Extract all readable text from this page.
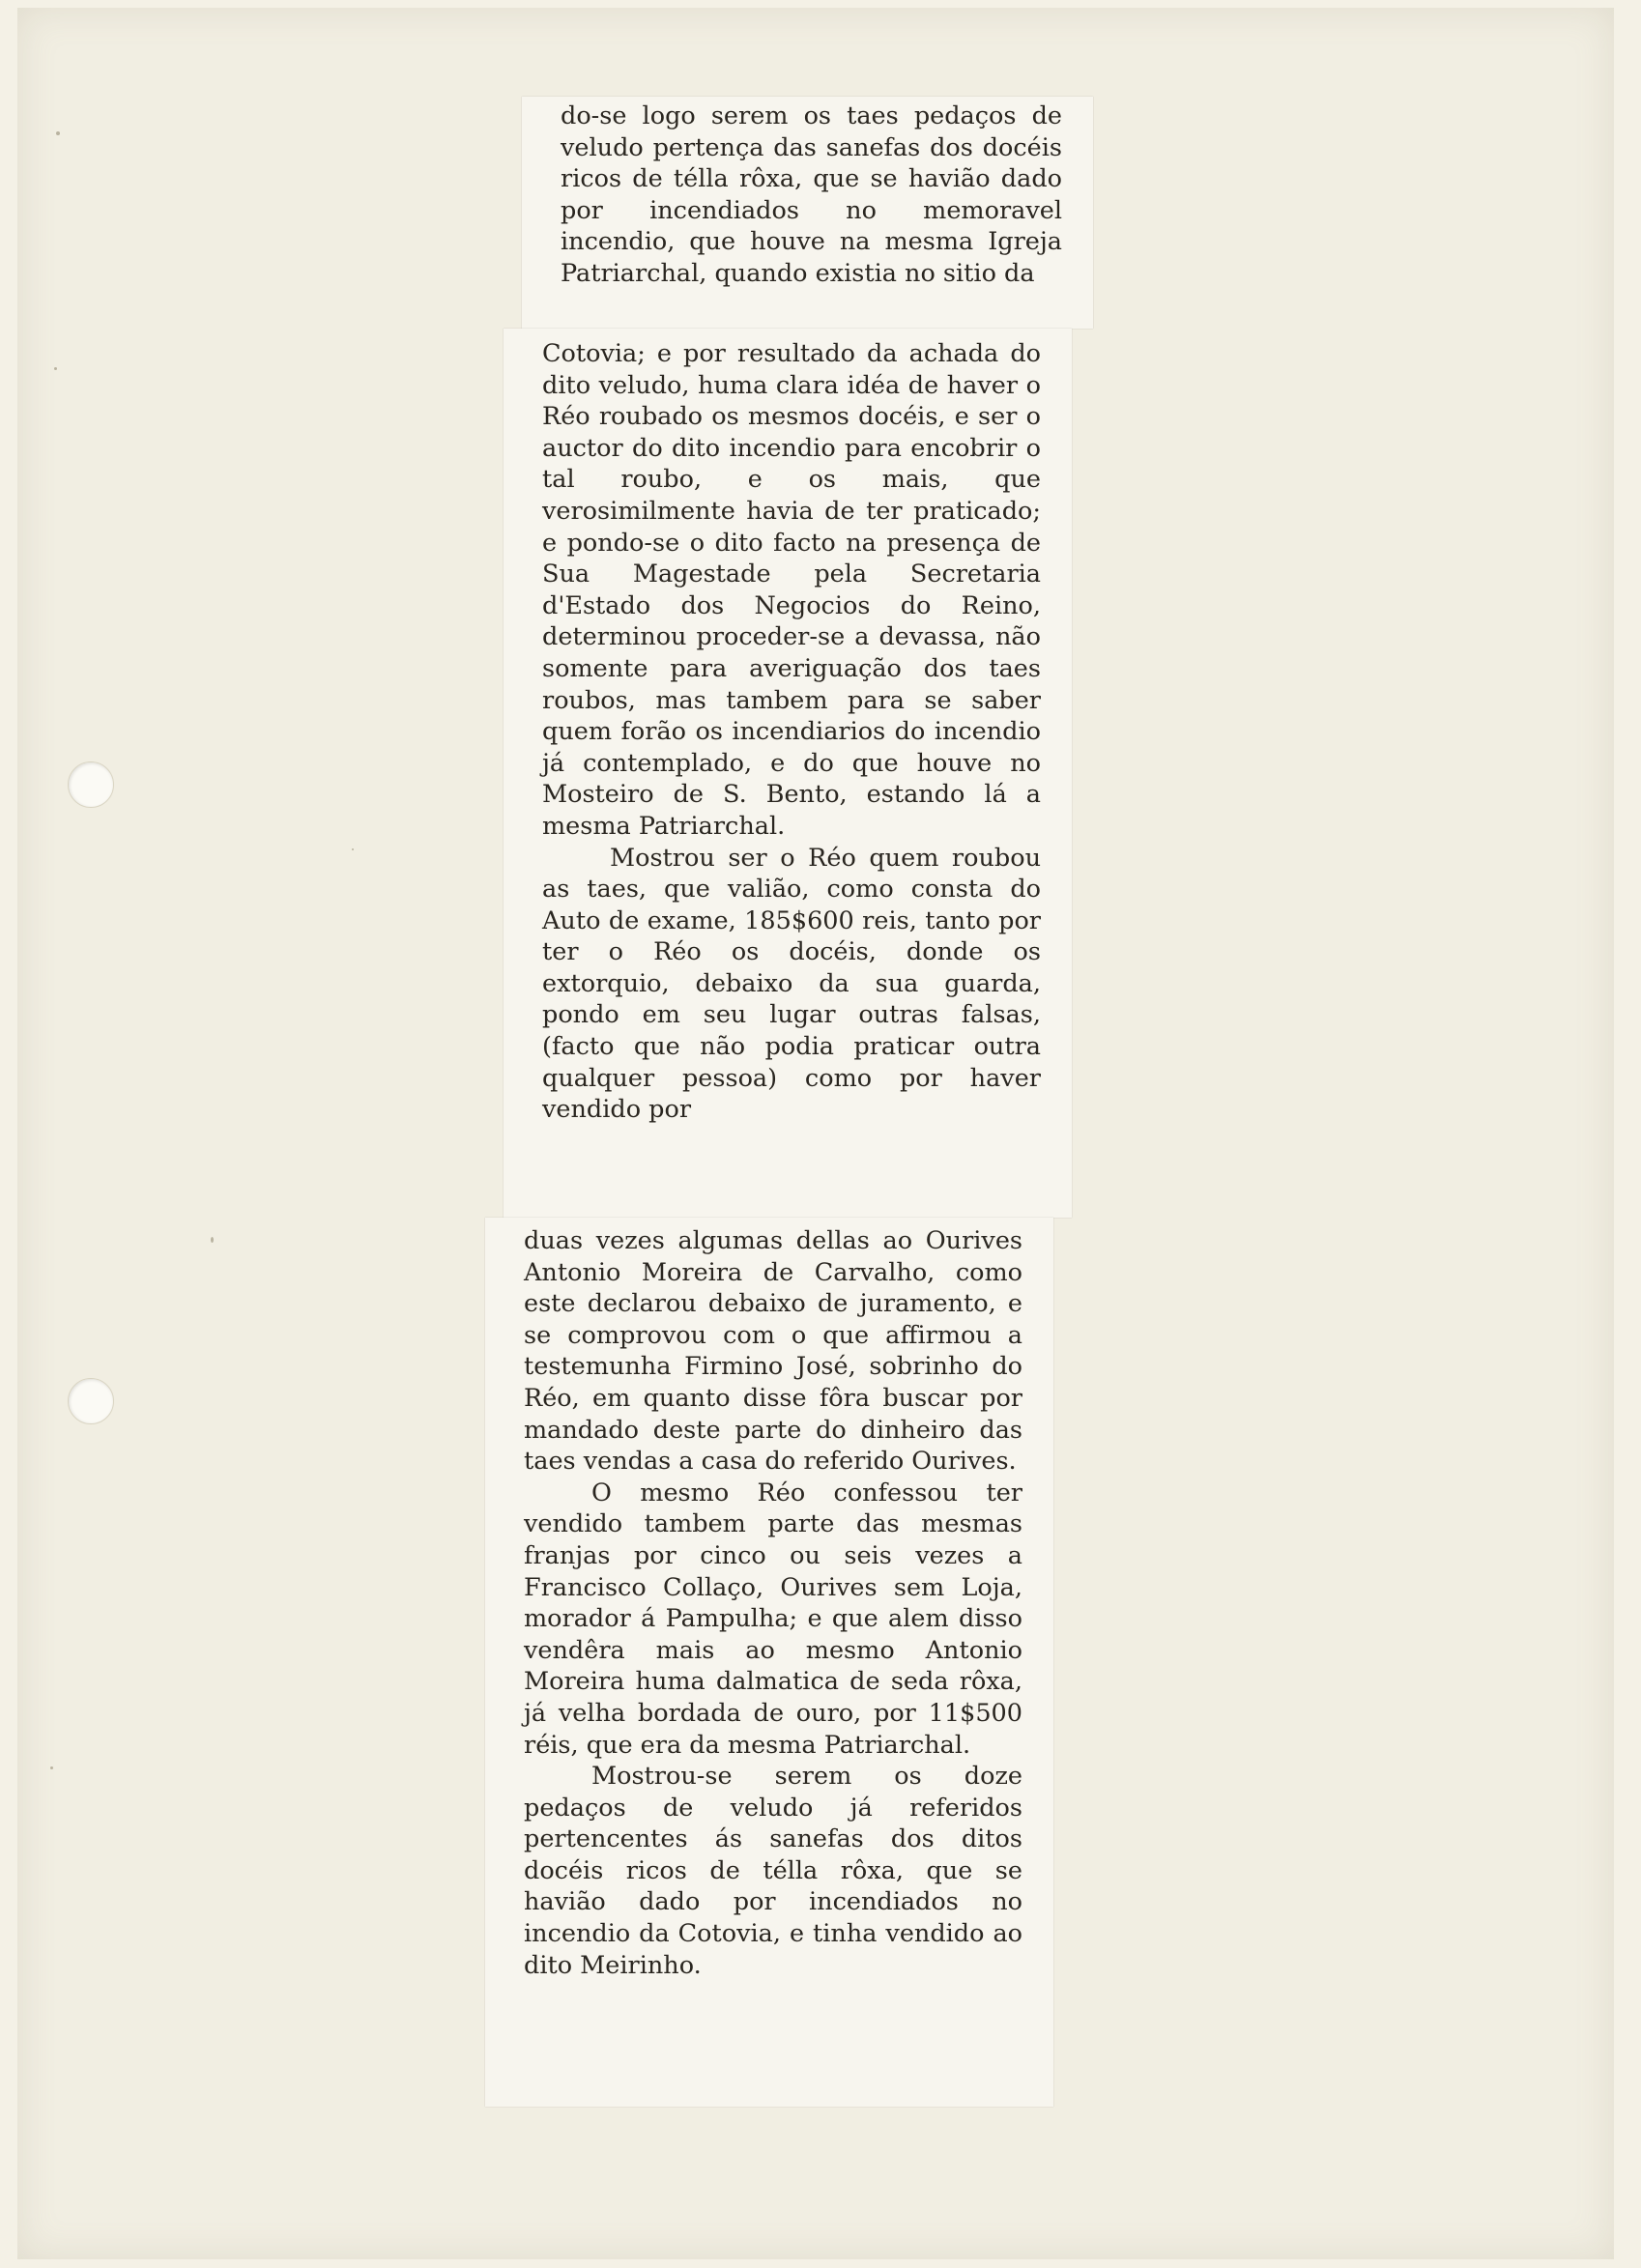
do-se logo serem os taes pedaços de veludo pertença das sanefas dos docéis ricos de téllа rôxa, que se havião dado por incendiados no memoravel incendio, que houve na mesma Igreja Patriarchal, quando existia no sitio da

Cotovia; e por resultado da achada do dito veludo, huma clara idéa de haver o Réo roubado os mesmos docéis, e ser o auctor do dito incendio para encobrir o tal roubo, e os mais, que verosimilmente havia de ter praticado; e pondo-se o dito facto na presença de Sua Magestade pela Secretaria d'Estado dos Negocios do Reino, determinou proceder-se a devassa, não somente para averiguação dos taes roubos, mas tambem para se saber quem forão os incendiarios do incendio já contemplado, e do que houve no Mosteiro de S. Bento, estando lá a mesma Patriarchal.

Mostrou ser o Réo quem roubou as taes, que valião, como consta do Auto de exame, 185$600 reis, tanto por ter o Réo os docéis, donde os extorquio, debaixo da sua guarda, pondo em seu lugar outras falsas, (facto que não podia praticar outra qualquer pessoa) como por haver vendido por

duas vezes algumas dellas ao Ourives Antonio Moreira de Carvalho, como este declarou debaixo de juramento, e se comprovou com o que affirmou a testemunha Firmino José, sobrinho do Réo, em quanto disse fôra buscar por mandado deste parte do dinheiro das taes vendas a casa do referido Ourives.

O mesmo Réo confessou ter vendido tambem parte das mesmas franjas por cinco ou seis vezes a Francisco Collaço, Ourives sem Loja, morador á Pampulha; e que alem disso vendêra mais ao mesmo Antonio Moreira huma dalmatica de seda rôxa, já velha bordada de ouro, por 11$500 réis, que era da mesma Patriarchal.

Mostrou-se serem os doze pedaços de veludo já referidos pertencentes ás sanefas dos ditos docéis ricos de téllа rôxa, que se havião dado por incendiados no incendio da Cotovia, e tinha vendido ao dito Meirinho.
